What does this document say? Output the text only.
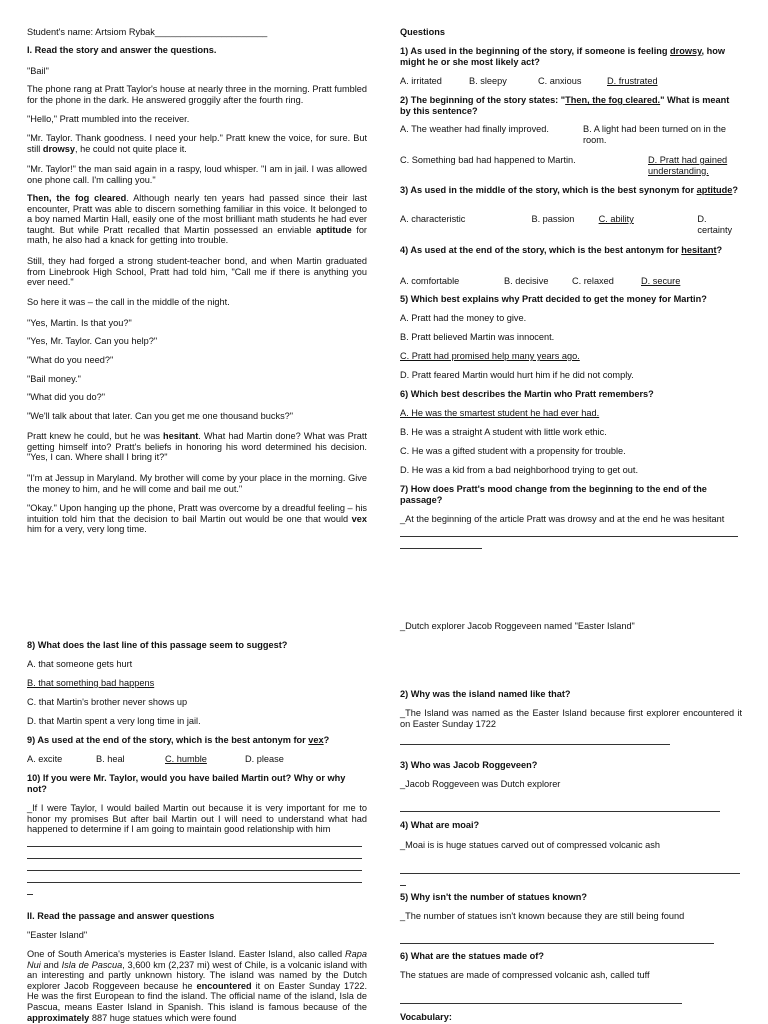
Student's name: Artsiom Rybak______________________

I. Read the story and answer the questions.

"Bail"

The phone rang at Pratt Taylor's house at nearly three in the morning. Pratt fumbled for the phone in the dark. He answered groggily after the fourth ring.

"Hello," Pratt mumbled into the receiver.

"Mr. Taylor. Thank goodness. I need your help." Pratt knew the voice, for sure. But still drowsy, he could not quite place it.

"Mr. Taylor!" the man said again in a raspy, loud whisper. "I am in jail. I was allowed one phone call. I'm calling you."

Then, the fog cleared. Although nearly ten years had passed since their last encounter, Pratt was able to discern something familiar in this voice. It belonged to a boy named Martin Hall, easily one of the most brilliant math students he had ever taught. But while Pratt recalled that Martin possessed an enviable aptitude for math, he also had a knack for getting into trouble.

Still, they had forged a strong student-teacher bond, and when Martin graduated from Linebrook High School, Pratt had told him, "Call me if there is anything you ever need."

So here it was – the call in the middle of the night.

"Yes, Martin. Is that you?"

"Yes, Mr. Taylor. Can you help?"

"What do you need?"

"Bail money."

"What did you do?"

"We'll talk about that later. Can you get me one thousand bucks?"

Pratt knew he could, but he was hesitant. What had Martin done? What was Pratt getting himself into? Pratt's beliefs in honoring his word determined his decision. "Yes, I can. Where shall I bring it?"

"I'm at Jessup in Maryland. My brother will come by your place in the morning. Give the money to him, and he will come and bail me out."

"Okay." Upon hanging up the phone, Pratt was overcome by a dreadful feeling – his intuition told him that the decision to bail Martin out would be one that would vex him for a very, very long time.

8) What does the last line of this passage seem to suggest?

A. that someone gets hurt

B. that something bad happens

C. that Martin's brother never shows up

D. that Martin spent a very long time in jail.

9) As used at the end of the story, which is the best antonym for vex?

A. excite	B. heal	C. humble	D. please

10) If you were Mr. Taylor, would you have bailed Martin out? Why or why not?

_If I were Taylor, I would bailed Martin out because it is very important for me to honor my promises But after bail Martin out I will need to understand what had happened to determine if I am going to maintain good relationship with him

II. Read the passage and answer questions

"Easter Island"

One of South America's mysteries is Easter Island. Easter Island, also called Rapa Nui and Isla de Pascua, 3,600 km (2,237 mi) west of Chile, is a volcanic island with an interesting and partly unknown history. The island was named by the Dutch explorer Jacob Roggeveen because he encountered it on Easter Sunday 1722. He was the first European to find the island. The official name of the island, Isla de Pascua, means Easter Island in Spanish. This island is famous because of the approximately 887 huge statues which were found

Questions

1) As used in the beginning of the story, if someone is feeling drowsy, how might he or she most likely act?

A. irritated	B. sleepy	C. anxious	D. frustrated

2) The beginning of the story states: "Then, the fog cleared." What is meant by this sentence?

A. The weather had finally improved.	B. A light had been turned on in the room.
C. Something bad had happened to Martin.	D. Pratt had gained understanding.

3) As used in the middle of the story, which is the best synonym for aptitude?

A. characteristic	B. passion	C. ability	D. certainty

4) As used at the end of the story, which is the best antonym for hesitant?

A. comfortable	B. decisive	C. relaxed	D. secure

5) Which best explains why Pratt decided to get the money for Martin?

A. Pratt had the money to give.

B. Pratt believed Martin was innocent.

C. Pratt had promised help many years ago.

D. Pratt feared Martin would hurt him if he did not comply.

6) Which best describes the Martin who Pratt remembers?

A. He was the smartest student he had ever had.

B. He was a straight A student with little work ethic.

C. He was a gifted student with a propensity for trouble.

D. He was a kid from a bad neighborhood trying to get out.

7) How does Pratt's mood change from the beginning to the end of the passage?

_At the beginning of the article Pratt was drowsy and at the end he was hesitant

_Dutch explorer Jacob Roggeveen named "Easter Island"

2) Why was the island named like that?

_The Island was named as the Easter Island because first explorer encountered it on Easter Sunday 1722

3) Who was Jacob Roggeveen?

_Jacob Roggeveen was Dutch explorer

4) What are moai?

_Moai is is huge statues carved out of compressed volcanic ash

5) Why isn't the number of statues known?

_The number of statues isn't known because they are still being found

6) What are the statues made of?

The statues are made of compressed volcanic ash, called tuff

Vocabulary:
